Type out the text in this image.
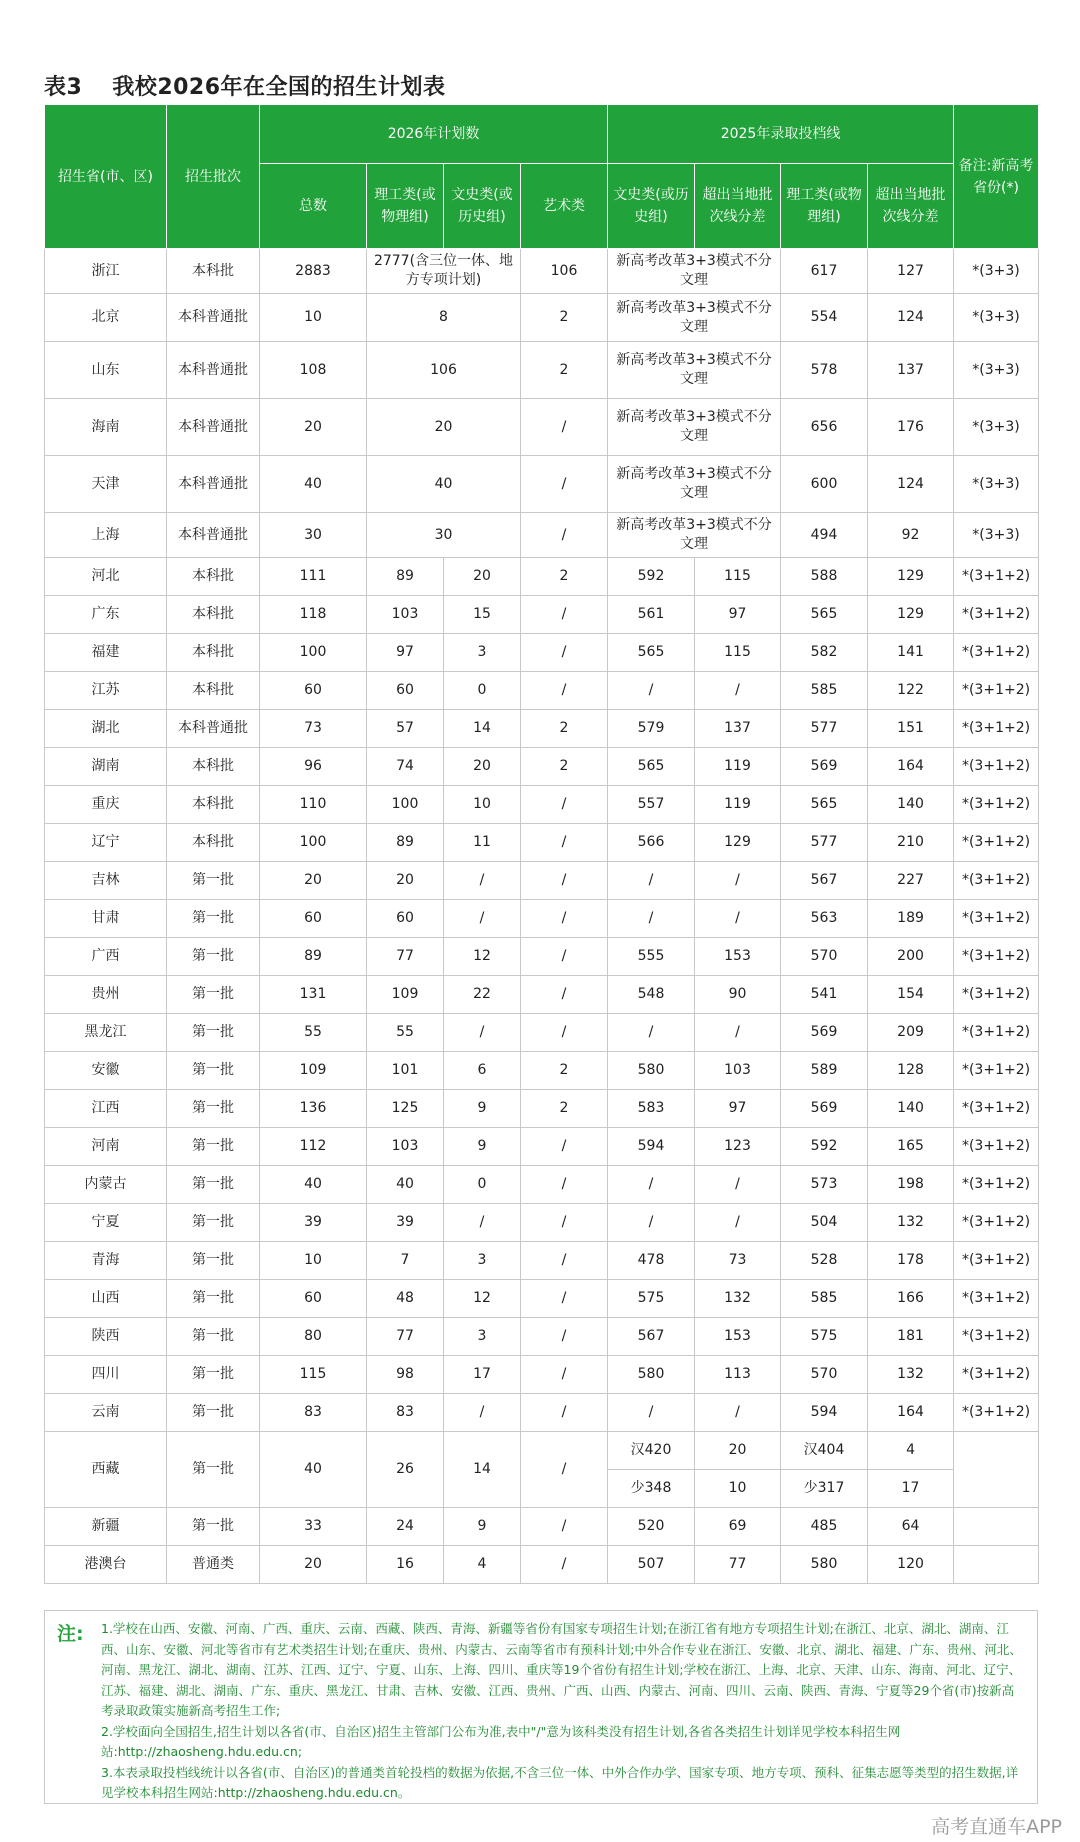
表3 我校2026年在全国的招生计划表
招生省(市、区)	招生批次	2026年计划数				2025年录取投档线				备注:新高考省份(*)
		总数	理工类(或物理组)	文史类(或历史组)	艺术类	文史类(或历史组)	超出当地批次线分差	理工类(或物理组)	超出当地批次线分差	
浙江	本科批	2883	2777(含三位一体、地方专项计划)		106	新高考改革3+3模式不分文理		617	127	*(3+3)
北京	本科普通批	10	8		2	新高考改革3+3模式不分文理		554	124	*(3+3)
山东	本科普通批	108	106		2	新高考改革3+3模式不分文理		578	137	*(3+3)
海南	本科普通批	20	20		/	新高考改革3+3模式不分文理		656	176	*(3+3)
天津	本科普通批	40	40		/	新高考改革3+3模式不分文理		600	124	*(3+3)
上海	本科普通批	30	30		/	新高考改革3+3模式不分文理		494	92	*(3+3)
河北	本科批	111	89	20	2	592	115	588	129	*(3+1+2)
广东	本科批	118	103	15	/	561	97	565	129	*(3+1+2)
福建	本科批	100	97	3	/	565	115	582	141	*(3+1+2)
江苏	本科批	60	60	0	/	/	/	585	122	*(3+1+2)
湖北	本科普通批	73	57	14	2	579	137	577	151	*(3+1+2)
湖南	本科批	96	74	20	2	565	119	569	164	*(3+1+2)
重庆	本科批	110	100	10	/	557	119	565	140	*(3+1+2)
辽宁	本科批	100	89	11	/	566	129	577	210	*(3+1+2)
吉林	第一批	20	20	/	/	/	/	567	227	*(3+1+2)
甘肃	第一批	60	60	/	/	/	/	563	189	*(3+1+2)
广西	第一批	89	77	12	/	555	153	570	200	*(3+1+2)
贵州	第一批	131	109	22	/	548	90	541	154	*(3+1+2)
黑龙江	第一批	55	55	/	/	/	/	569	209	*(3+1+2)
安徽	第一批	109	101	6	2	580	103	589	128	*(3+1+2)
江西	第一批	136	125	9	2	583	97	569	140	*(3+1+2)
河南	第一批	112	103	9	/	594	123	592	165	*(3+1+2)
内蒙古	第一批	40	40	0	/	/	/	573	198	*(3+1+2)
宁夏	第一批	39	39	/	/	/	/	504	132	*(3+1+2)
青海	第一批	10	7	3	/	478	73	528	178	*(3+1+2)
山西	第一批	60	48	12	/	575	132	585	166	*(3+1+2)
陕西	第一批	80	77	3	/	567	153	575	181	*(3+1+2)
四川	第一批	115	98	17	/	580	113	570	132	*(3+1+2)
云南	第一批	83	83	/	/	/	/	594	164	*(3+1+2)
西藏	第一批	40	26	14	/	汉420	20	汉404	4	
						少348	10	少317	17	
新疆	第一批	33	24	9	/	520	69	485	64	
港澳台	普通类	20	16	4	/	507	77	580	120	
注: 1.学校在山西、安徽、河南、广西、重庆、云南、西藏、陕西、青海、新疆等省份有国家专项招生计划;在浙江省有地方专项招生计划;在浙江、北京、湖北、湖南、江西、山东、安徽、河北等省市有艺术类招生计划;在重庆、贵州、内蒙古、云南等省市有预科计划;中外合作专业在浙江、安徽、北京、湖北、福建、广东、贵州、河北、河南、黑龙江、湖北、湖南、江苏、江西、辽宁、宁夏、山东、上海、四川、重庆等19个省份有招生计划;学校在浙江、上海、北京、天津、山东、海南、河北、辽宁、江苏、福建、湖北、湖南、广东、重庆、黑龙江、甘肃、吉林、安徽、江西、贵州、广西、山西、内蒙古、河南、四川、云南、陕西、青海、宁夏等29个省(市)按新高考录取政策实施新高考招生工作;

2.学校面向全国招生,招生计划以各省(市、自治区)招生主管部门公布为准,表中"/"意为该科类没有招生计划,各省各类招生计划详见学校本科招生网站:http://zhaosheng.hdu.edu.cn;

3.本表录取投档线统计以各省(市、自治区)的普通类首轮投档的数据为依据,不含三位一体、中外合作办学、国家专项、地方专项、预科、征集志愿等类型的招生数据,详见学校本科招生网站:http://zhaosheng.hdu.edu.cn。

高考直通车APP
